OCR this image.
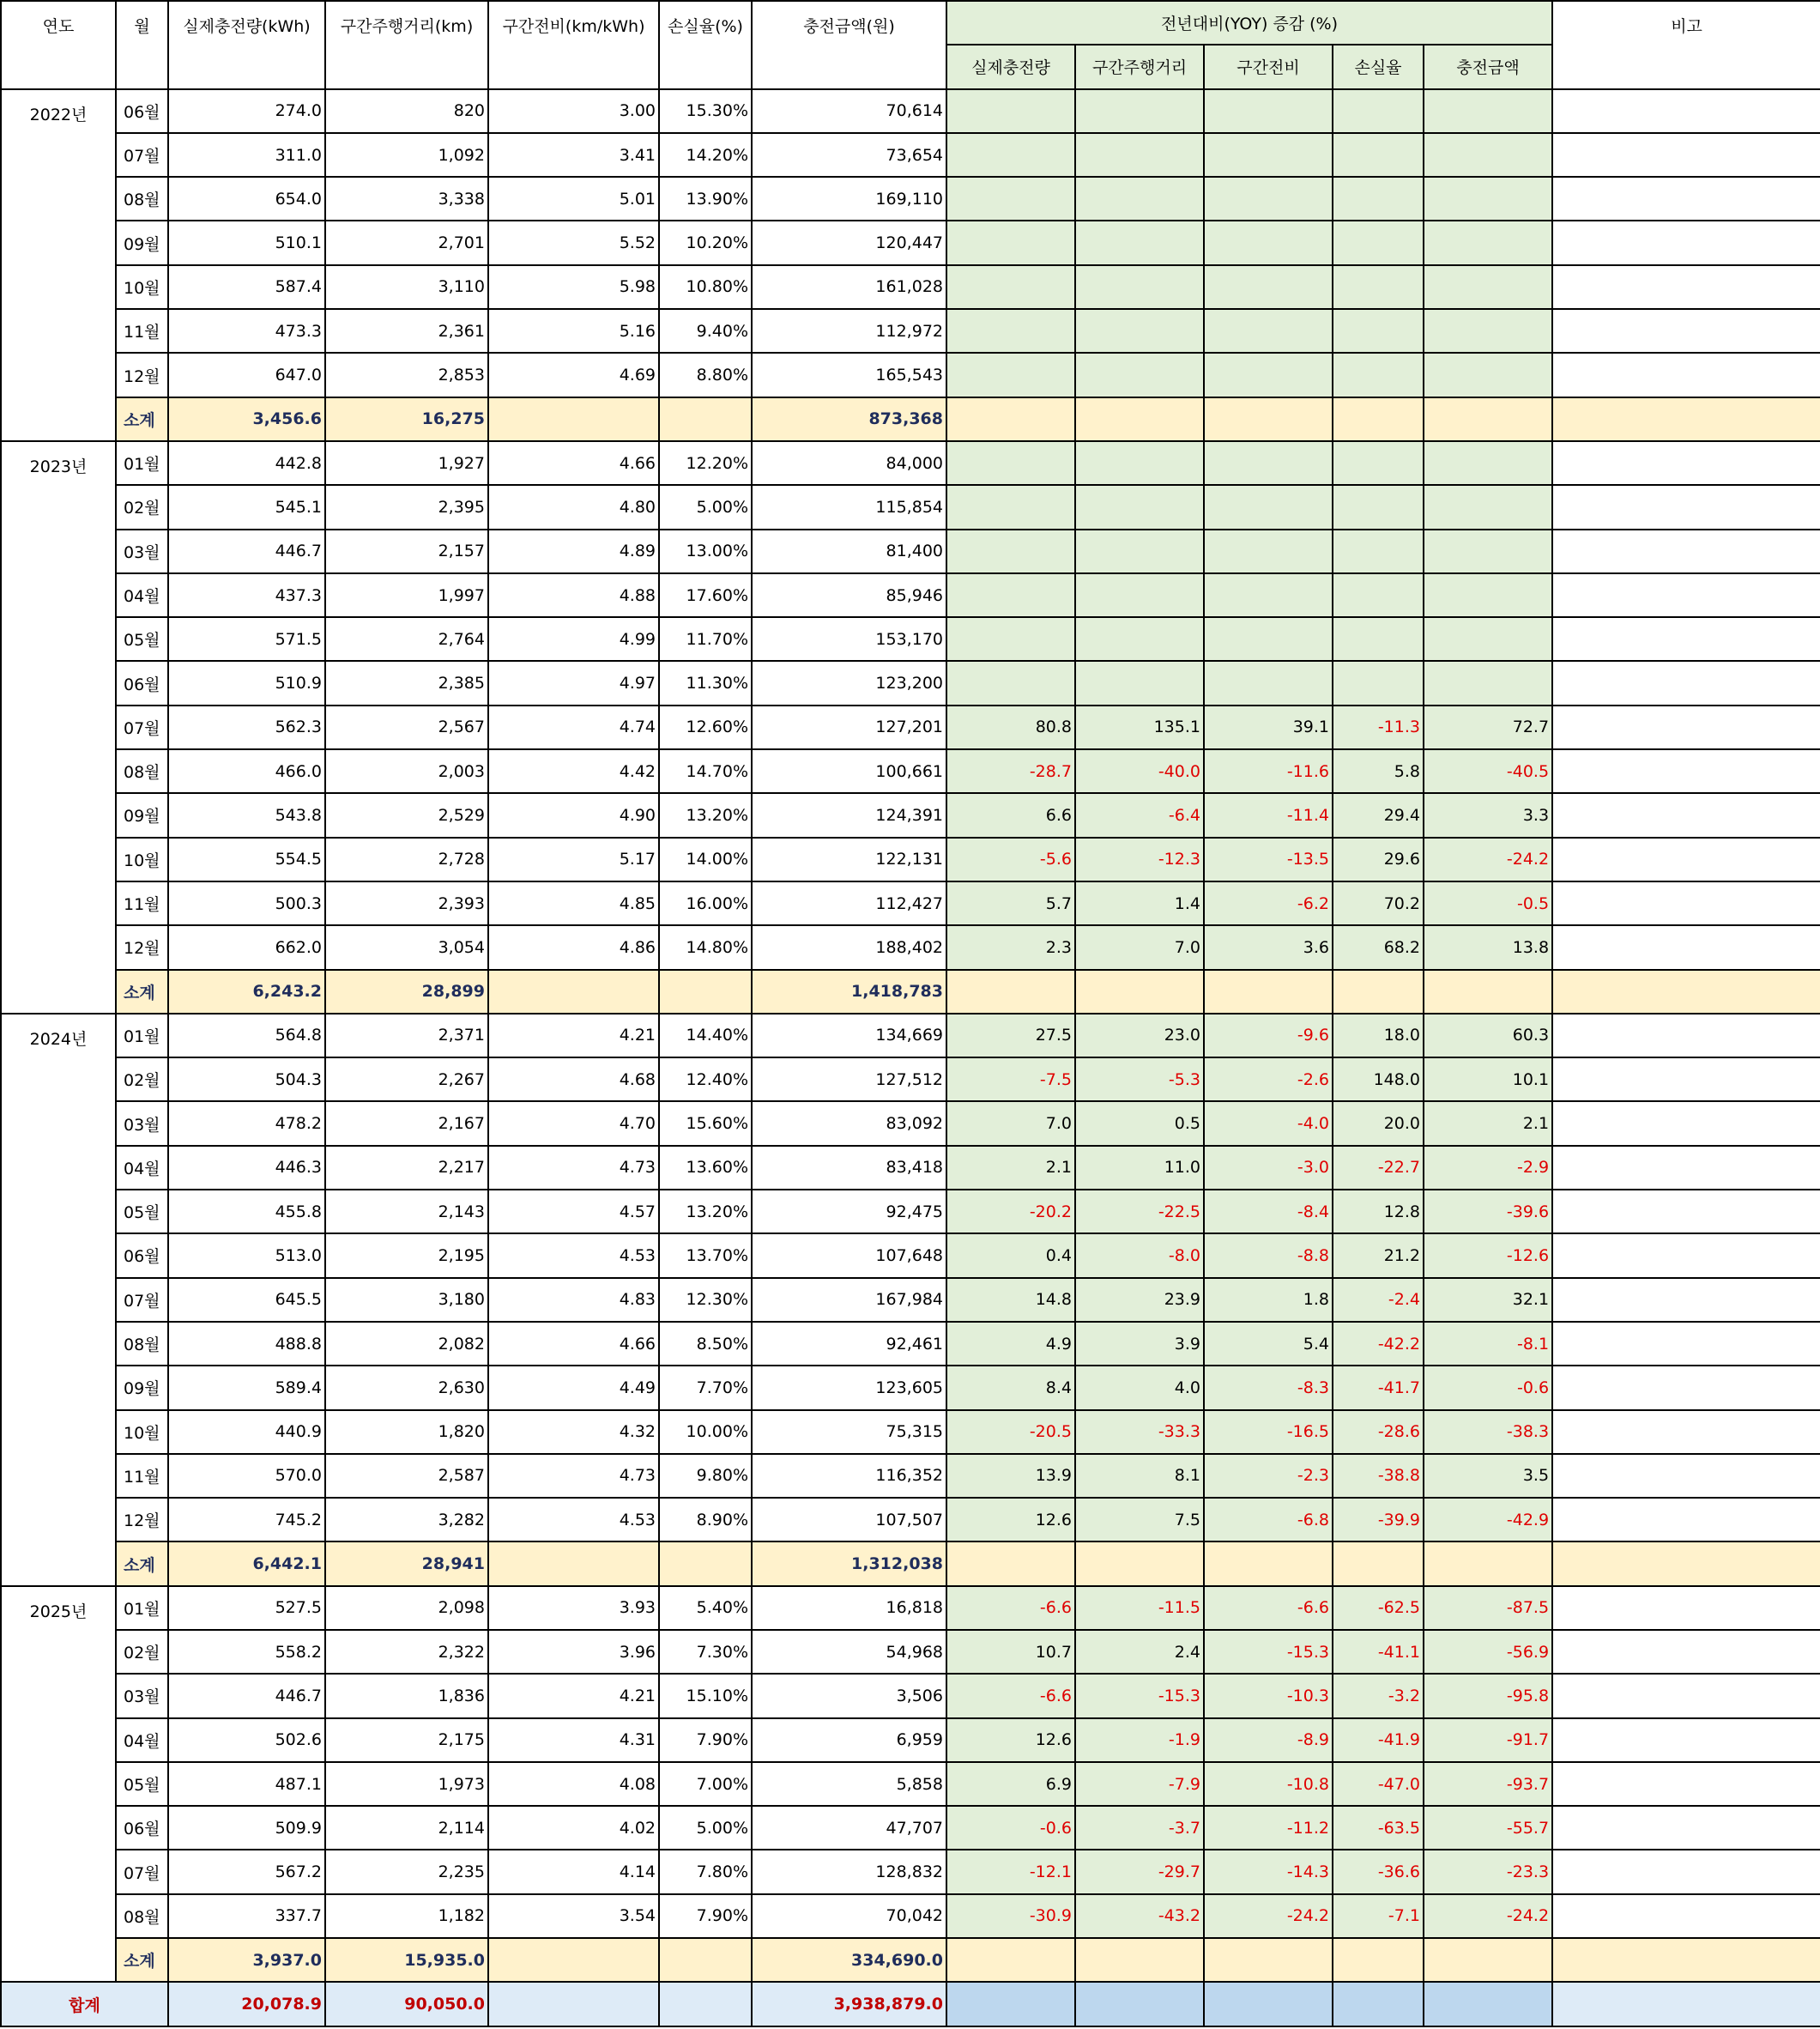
연도	월	실제충전량(kWh)	구간주행거리(km)	구간전비(km/kWh)	손실율(%)	충전금액(원)	전년대비(YOY) 증감 (%)					비고
							실제충전량	구간주행거리	구간전비	손실율	충전금액	
2022년	06월	274.0	820	3.00	15.30%	70,614						
	07월	311.0	1,092	3.41	14.20%	73,654						
	08월	654.0	3,338	5.01	13.90%	169,110						
	09월	510.1	2,701	5.52	10.20%	120,447						
	10월	587.4	3,110	5.98	10.80%	161,028						
	11월	473.3	2,361	5.16	9.40%	112,972						
	12월	647.0	2,853	4.69	8.80%	165,543						
	소계	3,456.6	16,275			873,368						
2023년	01월	442.8	1,927	4.66	12.20%	84,000						
	02월	545.1	2,395	4.80	5.00%	115,854						
	03월	446.7	2,157	4.89	13.00%	81,400						
	04월	437.3	1,997	4.88	17.60%	85,946						
	05월	571.5	2,764	4.99	11.70%	153,170						
	06월	510.9	2,385	4.97	11.30%	123,200						
	07월	562.3	2,567	4.74	12.60%	127,201	80.8	135.1	39.1	-11.3	72.7	
	08월	466.0	2,003	4.42	14.70%	100,661	-28.7	-40.0	-11.6	5.8	-40.5	
	09월	543.8	2,529	4.90	13.20%	124,391	6.6	-6.4	-11.4	29.4	3.3	
	10월	554.5	2,728	5.17	14.00%	122,131	-5.6	-12.3	-13.5	29.6	-24.2	
	11월	500.3	2,393	4.85	16.00%	112,427	5.7	1.4	-6.2	70.2	-0.5	
	12월	662.0	3,054	4.86	14.80%	188,402	2.3	7.0	3.6	68.2	13.8	
	소계	6,243.2	28,899			1,418,783						
2024년	01월	564.8	2,371	4.21	14.40%	134,669	27.5	23.0	-9.6	18.0	60.3	
	02월	504.3	2,267	4.68	12.40%	127,512	-7.5	-5.3	-2.6	148.0	10.1	
	03월	478.2	2,167	4.70	15.60%	83,092	7.0	0.5	-4.0	20.0	2.1	
	04월	446.3	2,217	4.73	13.60%	83,418	2.1	11.0	-3.0	-22.7	-2.9	
	05월	455.8	2,143	4.57	13.20%	92,475	-20.2	-22.5	-8.4	12.8	-39.6	
	06월	513.0	2,195	4.53	13.70%	107,648	0.4	-8.0	-8.8	21.2	-12.6	
	07월	645.5	3,180	4.83	12.30%	167,984	14.8	23.9	1.8	-2.4	32.1	
	08월	488.8	2,082	4.66	8.50%	92,461	4.9	3.9	5.4	-42.2	-8.1	
	09월	589.4	2,630	4.49	7.70%	123,605	8.4	4.0	-8.3	-41.7	-0.6	
	10월	440.9	1,820	4.32	10.00%	75,315	-20.5	-33.3	-16.5	-28.6	-38.3	
	11월	570.0	2,587	4.73	9.80%	116,352	13.9	8.1	-2.3	-38.8	3.5	
	12월	745.2	3,282	4.53	8.90%	107,507	12.6	7.5	-6.8	-39.9	-42.9	
	소계	6,442.1	28,941			1,312,038						
2025년	01월	527.5	2,098	3.93	5.40%	16,818	-6.6	-11.5	-6.6	-62.5	-87.5	
	02월	558.2	2,322	3.96	7.30%	54,968	10.7	2.4	-15.3	-41.1	-56.9	
	03월	446.7	1,836	4.21	15.10%	3,506	-6.6	-15.3	-10.3	-3.2	-95.8	
	04월	502.6	2,175	4.31	7.90%	6,959	12.6	-1.9	-8.9	-41.9	-91.7	
	05월	487.1	1,973	4.08	7.00%	5,858	6.9	-7.9	-10.8	-47.0	-93.7	
	06월	509.9	2,114	4.02	5.00%	47,707	-0.6	-3.7	-11.2	-63.5	-55.7	
	07월	567.2	2,235	4.14	7.80%	128,832	-12.1	-29.7	-14.3	-36.6	-23.3	
	08월	337.7	1,182	3.54	7.90%	70,042	-30.9	-43.2	-24.2	-7.1	-24.2	
	소계	3,937.0	15,935.0			334,690.0						
합계		20,078.9	90,050.0			3,938,879.0						
